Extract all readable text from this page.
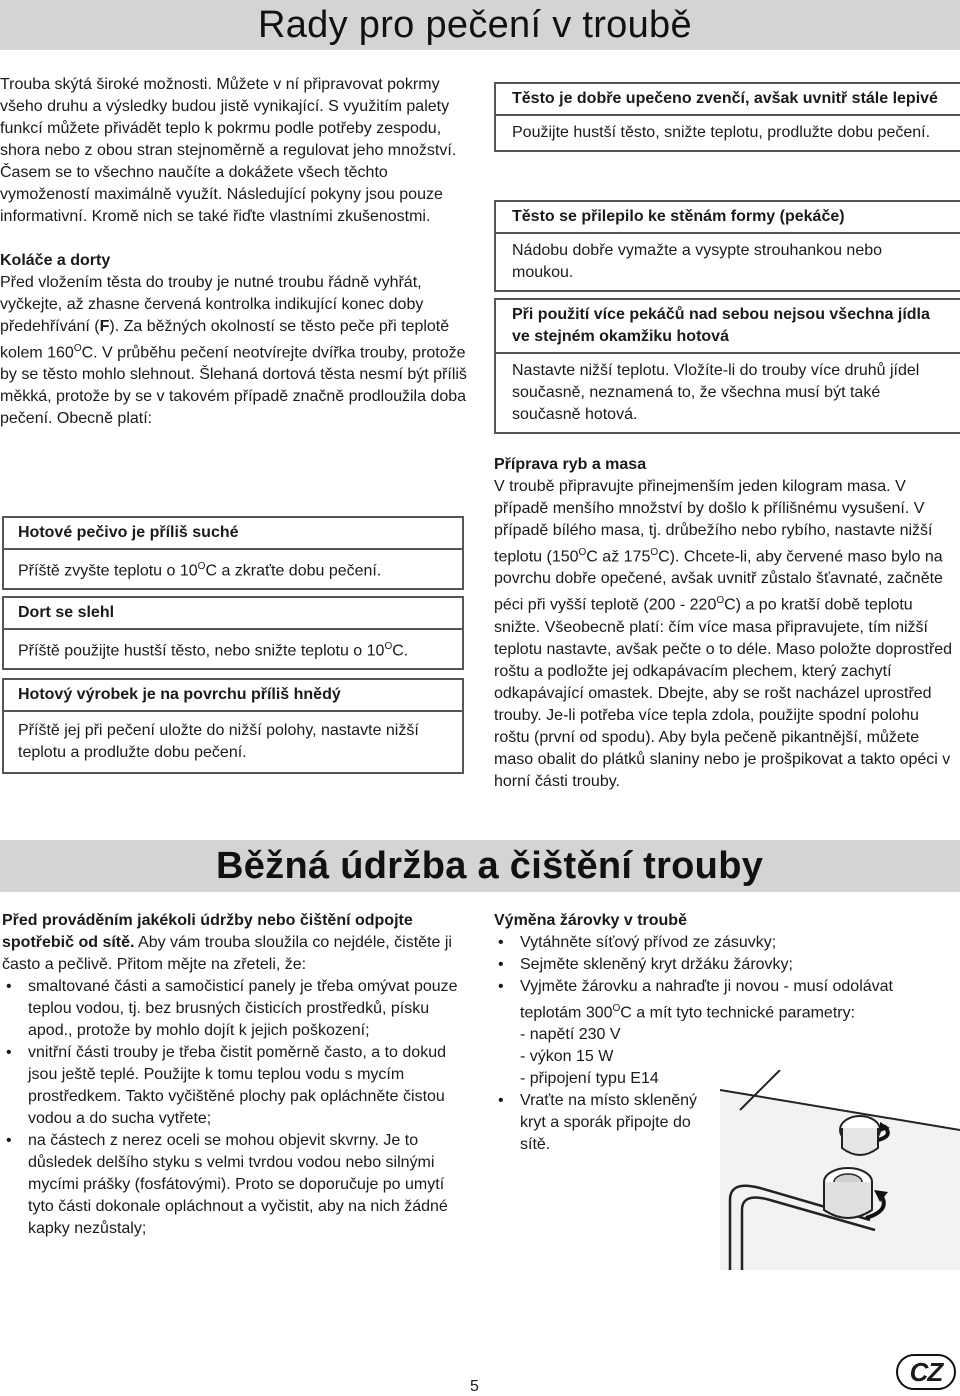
Rady pro pečení v troubě

Trouba skýtá široké možnosti. Můžete v ní připravovat pokrmy všeho druhu a výsledky budou jistě vynikající. S využitím palety funkcí můžete přivádět teplo k pokrmu podle potřeby zespodu, shora nebo z obou stran stejnoměrně a regulovat jeho množství. Časem se to všechno naučíte a dokážete všech těchto vymožeností maximálně využít. Následující pokyny jsou pouze informativní. Kromě nich se také řiďte vlastními zkušenostmi.

Koláče a dorty

Před vložením těsta do trouby je nutné troubu řádně vyhřát, vyčkejte, až zhasne červená kontrolka indikující konec doby předehřívání (F). Za běžných okolností se těsto peče při teplotě kolem $160^OC$. V průběhu pečení neotvírejte dvířka trouby, protože by se těsto mohlo slehnout. Šlehaná dortová těsta nesmí být příliš měkká, protože by se v takovém případě značně prodloužila doba pečení. Obecně platí:

Hotové pečivo je příliš suché
Příště zvyšte teplotu o $10^OC$ a zkraťte dobu pečení.
Dort se slehl
Příště použijte hustší těsto, nebo snižte teplotu o $10^OC$.
Hotový výrobek je na povrchu příliš hnědý
Příště jej při pečení uložte do nižší polohy, nastavte nižší teplotu a prodlužte dobu pečení.
Těsto je dobře upečeno zvenčí, avšak uvnitř stále lepivé
Použijte hustší těsto, snižte teplotu, prodlužte dobu pečení.
Těsto se přilepilo ke stěnám formy (pekáče)
Nádobu dobře vymažte a vysypte strouhankou nebo moukou.
Při použití více pekáčů nad sebou nejsou všechna jídla ve stejném okamžiku hotová
Nastavte nižší teplotu. Vložíte-li do trouby více druhů jídel současně, neznamená to, že všechna musí být také současně hotová.

Příprava ryb a masa

V troubě připravujte přinejmenším jeden kilogram masa. V případě menšího množství by došlo k přílišnému vysušení. V případě bílého masa, tj. drůbežího nebo rybího, nastavte nižší teplotu ($150^OC$ až $175^OC$). Chcete-li, aby červené maso bylo na povrchu dobře opečené, avšak uvnitř zůstalo šťavnaté, začněte péci při vyšší teplotě $(200 - 220^OC)$ a po kratší době teplotu snižte. Všeobecně platí: čím více masa připravujete, tím nižší teplotu nastavte, avšak pečte o to déle. Maso položte doprostřed roštu a podložte jej odkapávacím plechem, který zachytí odkapávající omastek. Dbejte, aby se rošt nacházel uprostřed trouby. Je-li potřeba více tepla zdola, použijte spodní polohu roštu (první od spodu). Aby byla pečeně pikantnější, můžete maso obalit do plátků slaniny nebo je prošpikovat a takto opéci v horní části trouby.

Běžná údržba a čištění trouby

Před prováděním jakékoli údržby nebo čištění odpojte spotřebič od sítě. Aby vám trouba sloužila co nejdéle, čistěte ji často a pečlivě. Přitom mějte na zřeteli, že:

• smaltované části a samočisticí panely je třeba omývat pouze teplou vodou, tj. bez brusných čisticích prostředků, písku apod., protože by mohlo dojít k jejich poškození;
• vnitřní části trouby je třeba čistit poměrně často, a to dokud jsou ještě teplé. Použijte k tomu teplou vodu s mycím prostředkem. Takto vyčištěné plochy pak opláchněte čistou vodou a do sucha vytřete;
• na částech z nerez oceli se mohou objevit skvrny. Je to důsledek delšího styku s velmi tvrdou vodou nebo silnými mycími prášky (fosfátovými). Proto se doporučuje po umytí tyto části dokonale opláchnout a vyčistit, aby na nich žádné kapky nezůstaly;

Výměna žárovky v troubě

• Vytáhněte síťový přívod ze zásuvky;
• Sejměte skleněný kryt držáku žárovky;
• Vyjměte žárovku a nahraďte ji novou - musí odolávat teplotám $300^OC$ a mít tyto technické parametry:
- napětí 230 V
- výkon 15 W
- připojení typu E14
• Vraťte na místo skleněný kryt a sporák připojte do sítě.
5	CZ
